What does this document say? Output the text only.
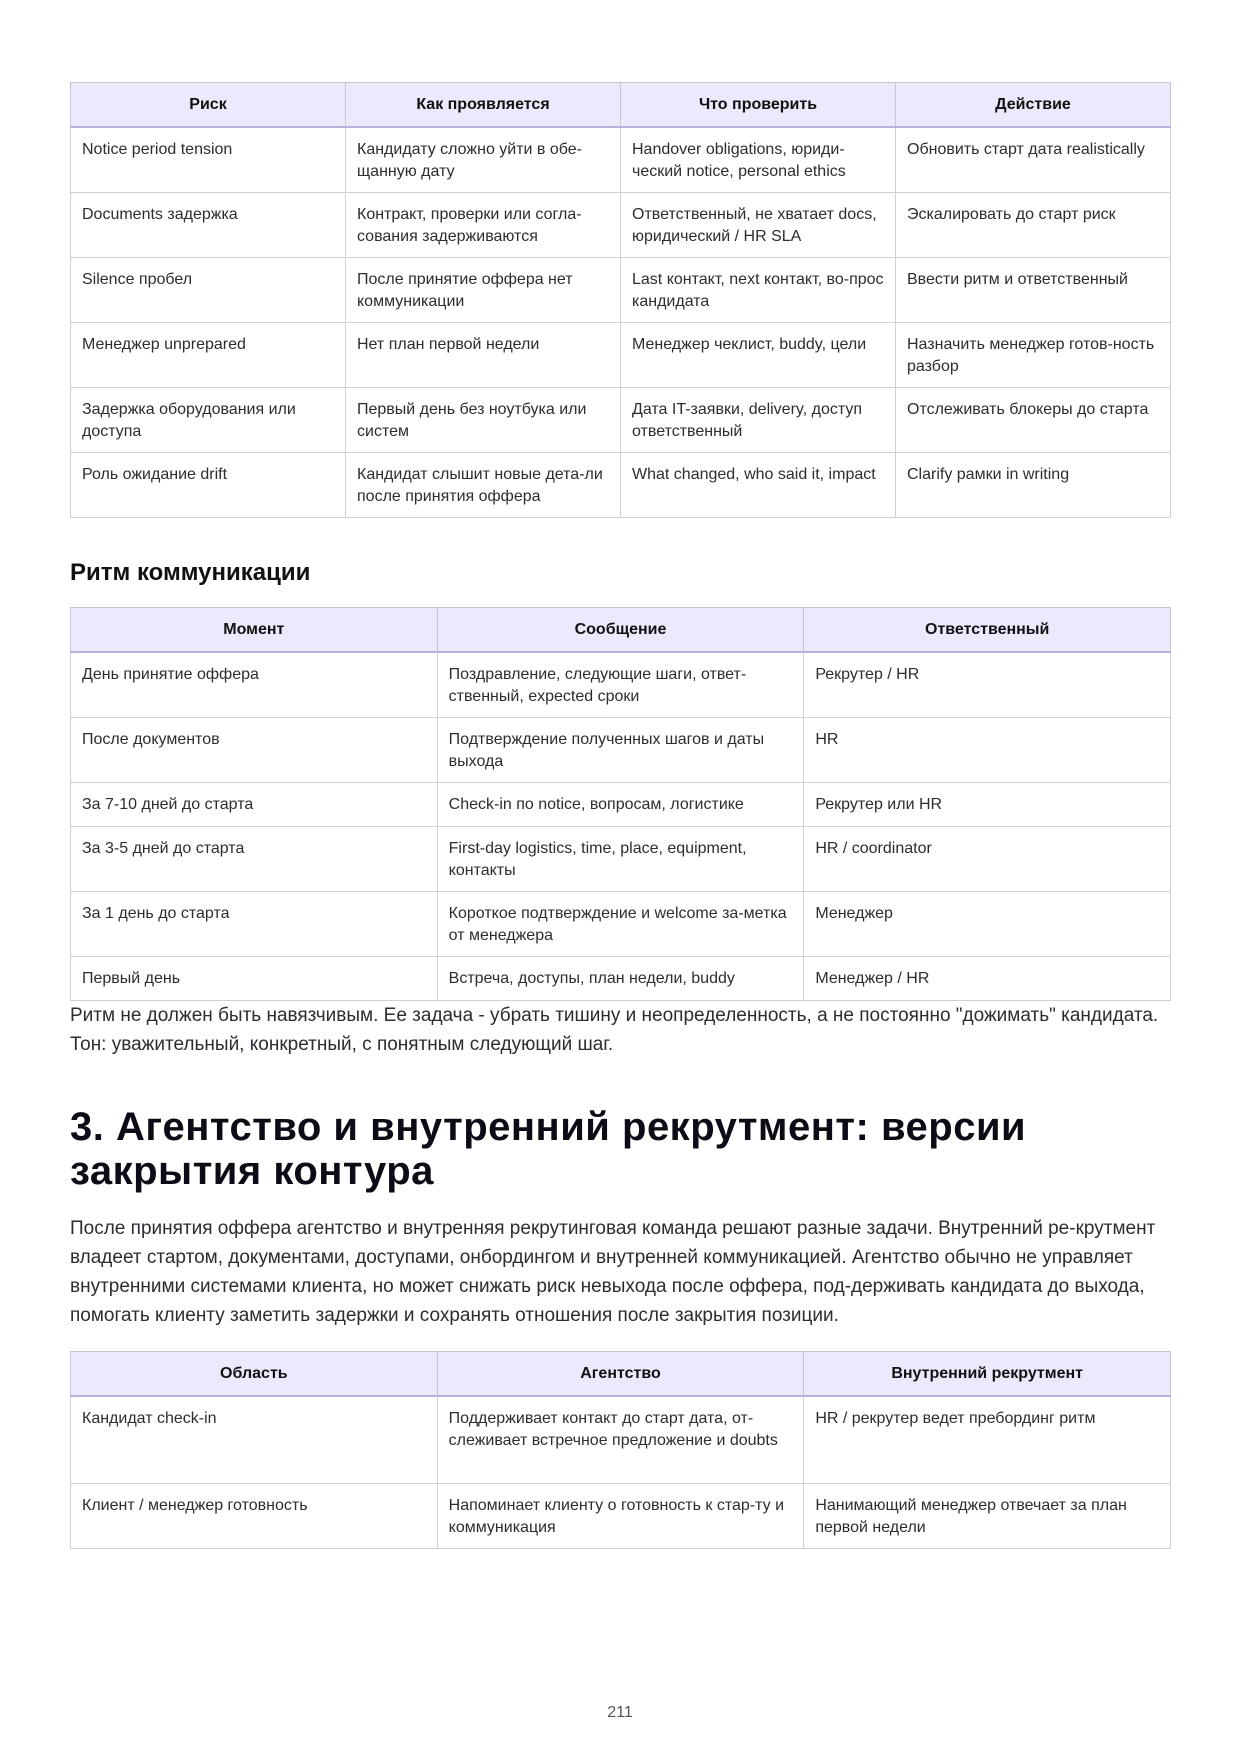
Риск	Как проявляется	Что проверить	Действие
Notice period tension	Кандидату сложно уйти в обе-щанную дату	Handover obligations, юриди-ческий notice, personal ethics	Обновить старт дата realistically
Documents задержка	Контракт, проверки или согла-сования задерживаются	Ответственный, не хватает docs, юридический / HR SLA	Эскалировать до старт риск
Silence пробел	После принятие оффера нет коммуникации	Last контакт, next контакт, во-прос кандидата	Ввести ритм и ответственный
Менеджер unprepared	Нет план первой недели	Менеджер чеклист, buddy, цели	Назначить менеджер готов-ность разбор
Задержка оборудования или доступа	Первый день без ноутбука или систем	Дата IT-заявки, delivery, доступ ответственный	Отслеживать блокеры до старта
Роль ожидание drift	Кандидат слышит новые дета-ли после принятия оффера	What changed, who said it, impact	Clarify рамки in writing
Ритм коммуникации
Момент	Сообщение	Ответственный
День принятие оффера	Поздравление, следующие шаги, ответ-ственный, expected сроки	Рекрутер / HR
После документов	Подтверждение полученных шагов и даты выхода	HR
За 7-10 дней до старта	Check-in по notice, вопросам, логистике	Рекрутер или HR
За 3-5 дней до старта	First-day logistics, time, place, equipment, контакты	HR / coordinator
За 1 день до старта	Короткое подтверждение и welcome за-метка от менеджера	Менеджер
Первый день	Встреча, доступы, план недели, buddy	Менеджер / HR

Ритм не должен быть навязчивым. Ее задача - убрать тишину и неопределенность, а не постоянно "дожимать" кандидата. Тон: уважительный, конкретный, с понятным следующий шаг.

3. Агентство и внутренний рекрутмент: версии закрытия контура

После принятия оффера агентство и внутренняя рекрутинговая команда решают разные задачи. Внутренний ре-крутмент владеет стартом, документами, доступами, онбордингом и внутренней коммуникацией. Агентство обычно не управляет внутренними системами клиента, но может снижать риск невыхода после оффера, под-держивать кандидата до выхода, помогать клиенту заметить задержки и сохранять отношения после закрытия позиции.

Область	Агентство	Внутренний рекрутмент
Кандидат check-in	Поддерживает контакт до старт дата, от-слеживает встречное предложение и doubts	HR / рекрутер ведет пребординг ритм
Клиент / менеджер готовность	Напоминает клиенту о готовность к стар-ту и коммуникация	Нанимающий менеджер отвечает за план первой недели
211
